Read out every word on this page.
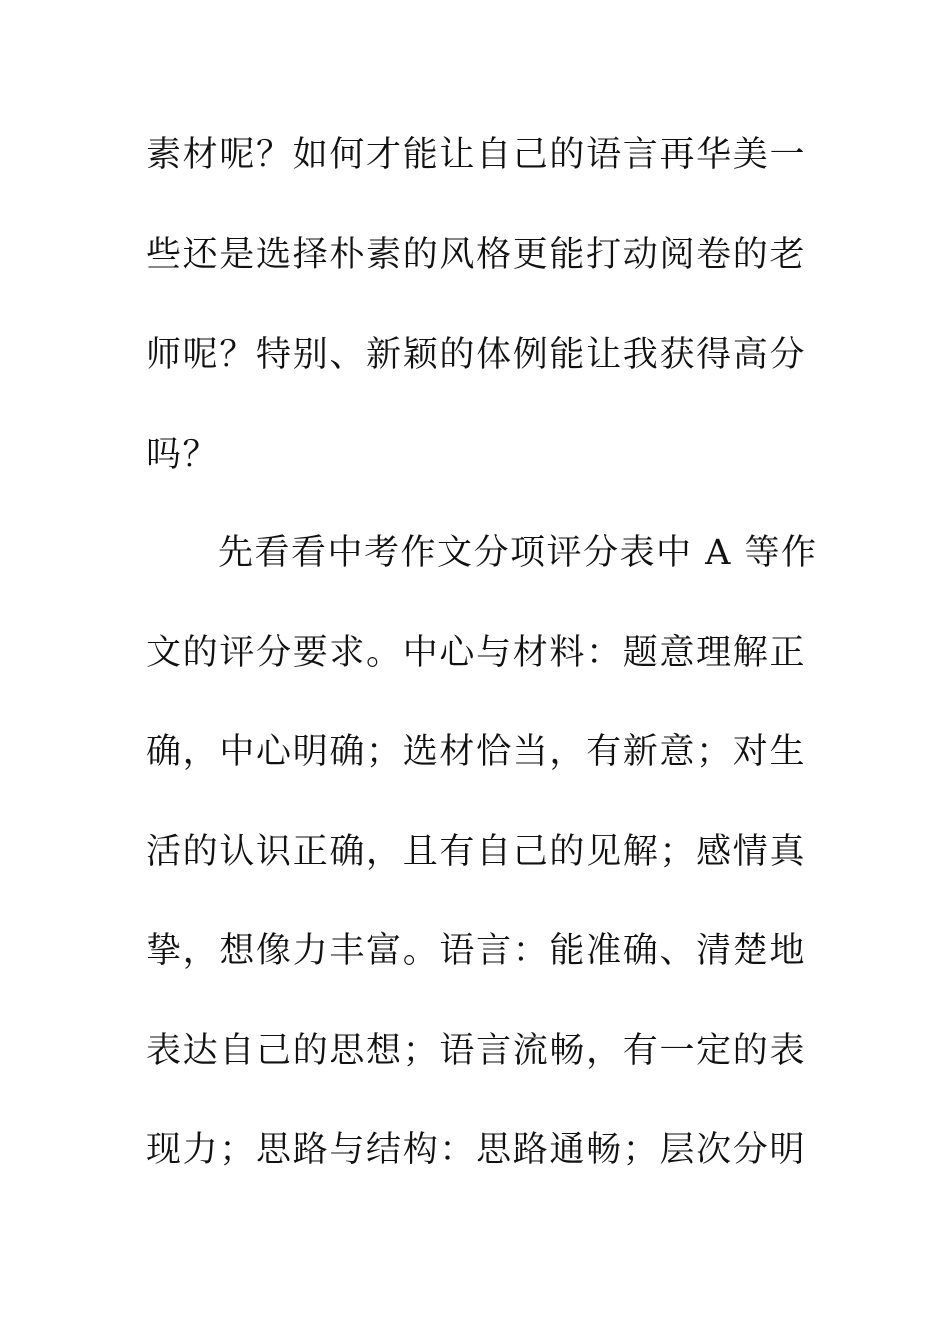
素材呢？如何才能让自己的语言再华美一
些还是选择朴素的风格更能打动阅卷的老
师呢？特别、新颖的体例能让我获得高分
吗？
先看看中考作文分项评分表中 A 等作
文的评分要求。中心与材料：题意理解正
确，中心明确；选材恰当，有新意；对生
活的认识正确，且有自己的见解；感情真
挚，想像力丰富。语言：能准确、清楚地
表达自己的思想；语言流畅，有一定的表
现力；思路与结构：思路通畅；层次分明
